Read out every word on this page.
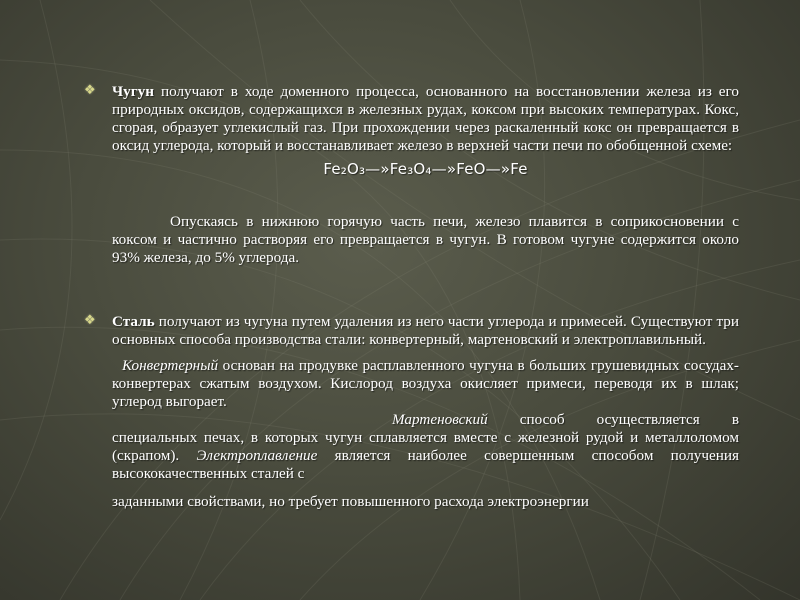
❖ Чугун получают в ходе доменного процесса, основанного на восстановлении железа из его природных оксидов, содержащихся в железных рудах, коксом при высоких температурах. Кокс, сгорая, образует углекислый газ. При прохождении через раскаленный кокс он превращается в оксид углерода, который и восстанавливает железо в верхней части печи по обобщенной схеме:

Fe₂O₃—»Fe₃O₄—»FeO—»Fe

Опускаясь в нижнюю горячую часть печи, железо плавится в соприкосновении с коксом и частично растворяя его превращается в чугун. В готовом чугуне содержится около 93% железа, до 5% углерода.

❖ Сталь получают из чугуна путем удаления из него части углерода и примесей. Существуют три основных способа производства стали: конвертерный, мартеновский и электроплавильный.

Конвертерный основан на продувке расплавленного чугуна в больших грушевидных сосудах-конвертерах сжатым воздухом. Кислород воздуха окисляет примеси, переводя их в шлак; углерод выгорает.

Мартеновский способ осуществляется в специальных печах, в которых чугун сплавляется вместе с железной рудой и металлоломом (скрапом). Электроплавление является наиболее совершенным способом получения высококачественных сталей с

заданными свойствами, но требует повышенного расхода электроэнергии
